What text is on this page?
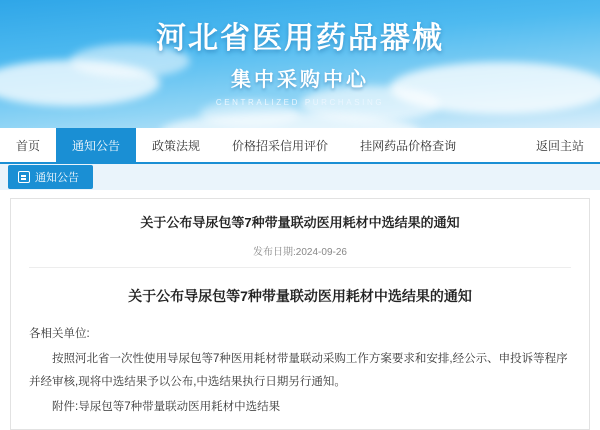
河北省医用药品器械
集中采购中心
CENTRALIZED PURCHASING
首页	通知公告	政策法规	价格招采信用评价	挂网药品价格查询	返回主站
通知公告
关于公布导尿包等7种带量联动医用耗材中选结果的通知
发布日期:2024-09-26
关于公布导尿包等7种带量联动医用耗材中选结果的通知

各相关单位:

按照河北省一次性使用导尿包等7种医用耗材带量联动采购工作方案要求和安排,经公示、申投诉等程序并经审核,现将中选结果予以公布,中选结果执行日期另行通知。

附件:导尿包等7种带量联动医用耗材中选结果
